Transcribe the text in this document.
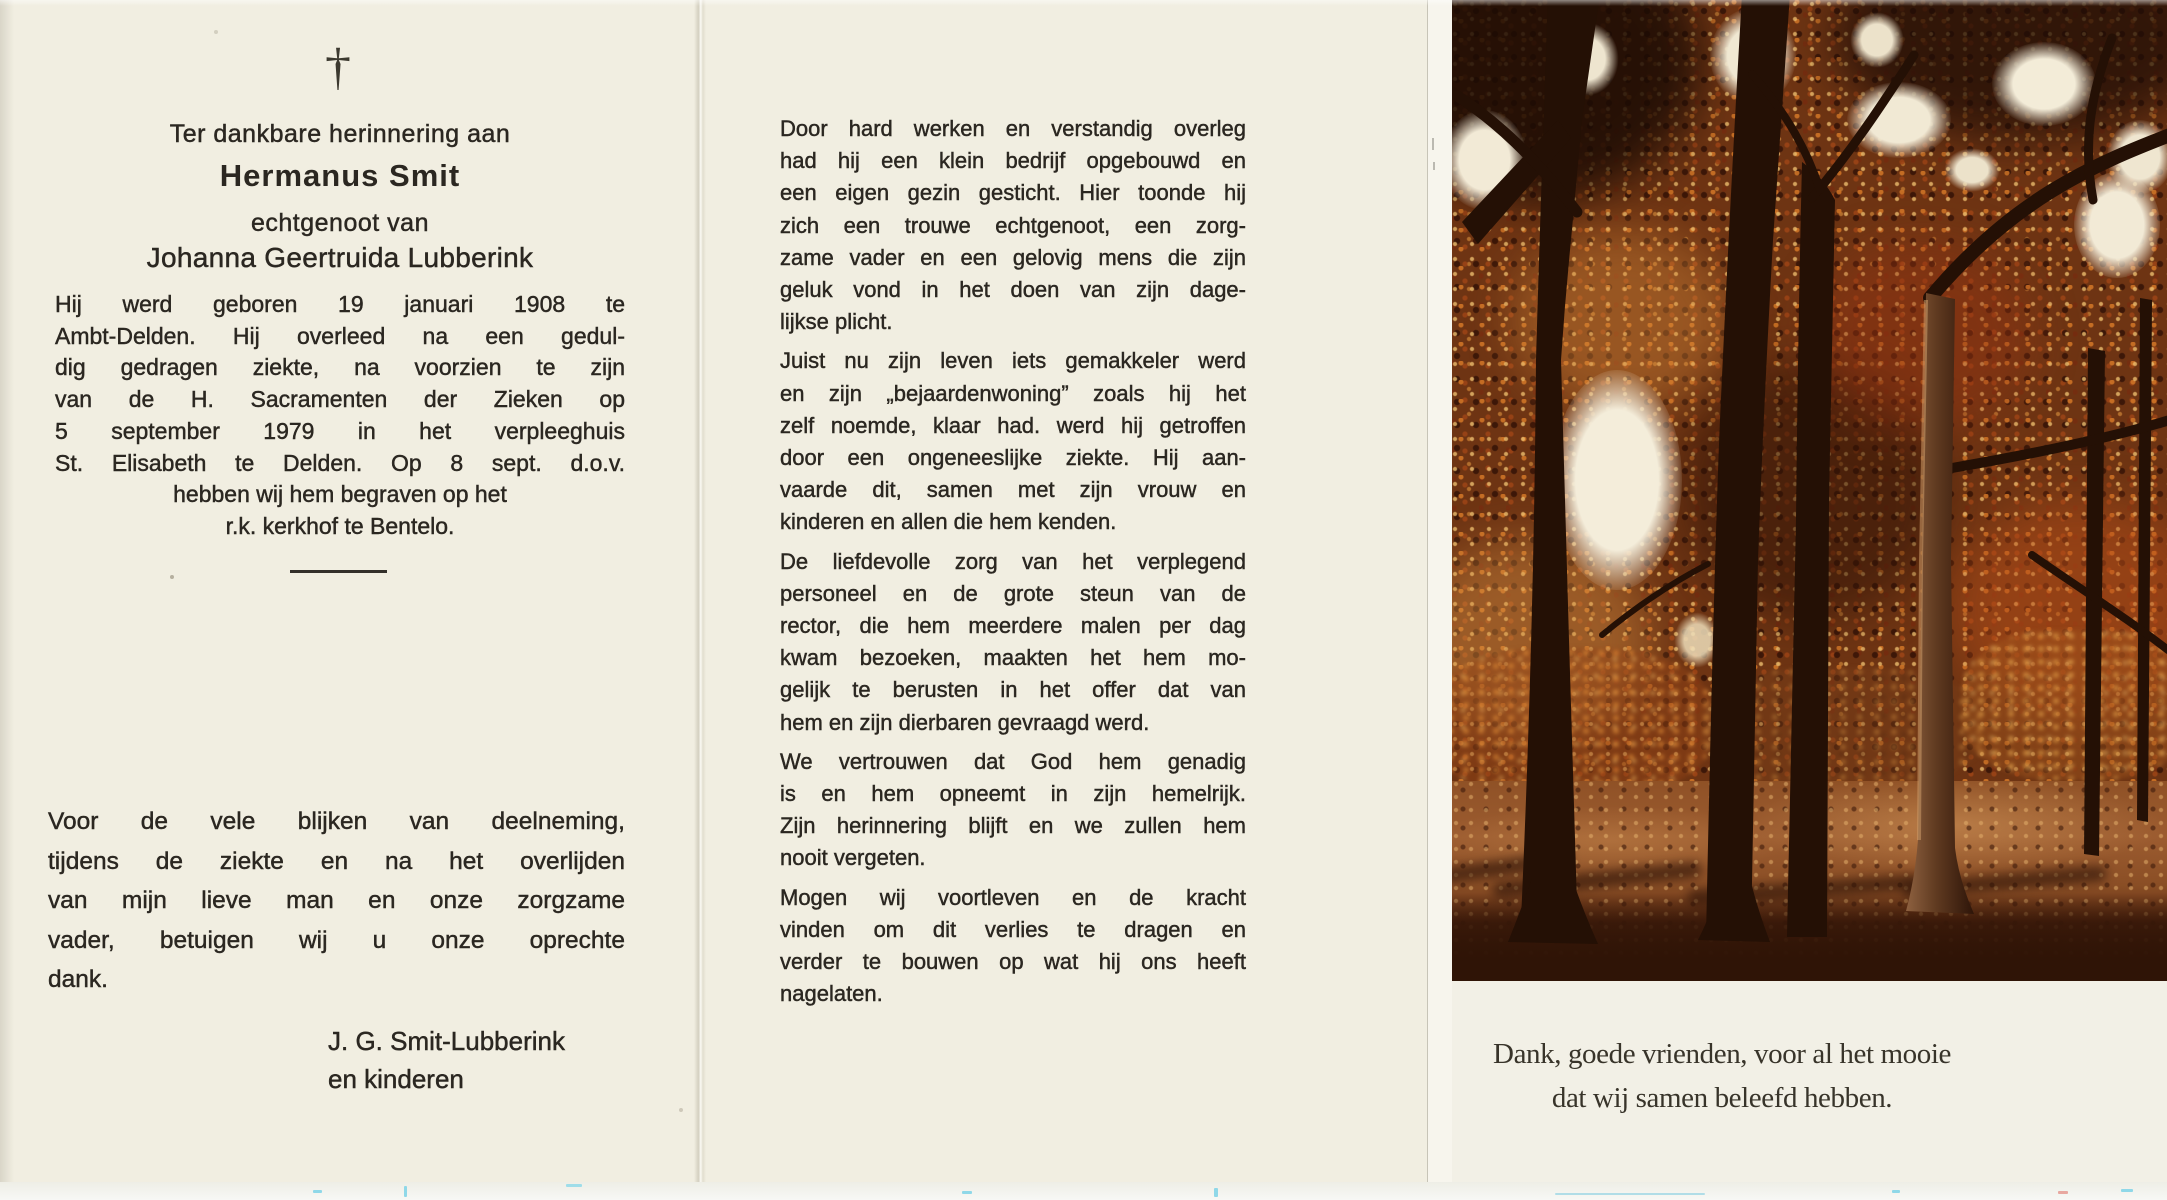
†
Ter dankbare herinnering aan
Hermanus Smit
echtgenoot van
Johanna Geertruida Lubberink
Hij werd geboren 19 januari 1908 te
Ambt-Delden. Hij overleed na een gedul-
dig gedragen ziekte, na voorzien te zijn
van de H. Sacramenten der Zieken op
5 september 1979 in het verpleeghuis
St. Elisabeth te Delden. Op 8 sept. d.o.v.
hebben wij hem begraven op het
r.k. kerkhof te Bentelo.
Voor de vele blijken van deelneming,
tijdens de ziekte en na het overlijden
van mijn lieve man en onze zorgzame
vader, betuigen wij u onze oprechte
dank.
J. G. Smit-Lubberink
en kinderen
Door hard werken en verstandig overleg
had hij een klein bedrijf opgebouwd en
een eigen gezin gesticht. Hier toonde hij
zich een trouwe echtgenoot, een zorg-
zame vader en een gelovig mens die zijn
geluk vond in het doen van zijn dage-
lijkse plicht.
Juist nu zijn leven iets gemakkeler werd
en zijn „bejaardenwoning” zoals hij het
zelf noemde, klaar had. werd hij getroffen
door een ongeneeslijke ziekte. Hij aan-
vaarde dit, samen met zijn vrouw en
kinderen en allen die hem kenden.
De liefdevolle zorg van het verplegend
personeel en de grote steun van de
rector, die hem meerdere malen per dag
kwam bezoeken, maakten het hem mo-
gelijk te berusten in het offer dat van
hem en zijn dierbaren gevraagd werd.
We vertrouwen dat God hem genadig
is en hem opneemt in zijn hemelrijk.
Zijn herinnering blijft en we zullen hem
nooit vergeten.
Mogen wij voortleven en de kracht
vinden om dit verlies te dragen en
verder te bouwen op wat hij ons heeft
nagelaten.
Dank, goede vrienden, voor al het mooie
dat wij samen beleefd hebben.
